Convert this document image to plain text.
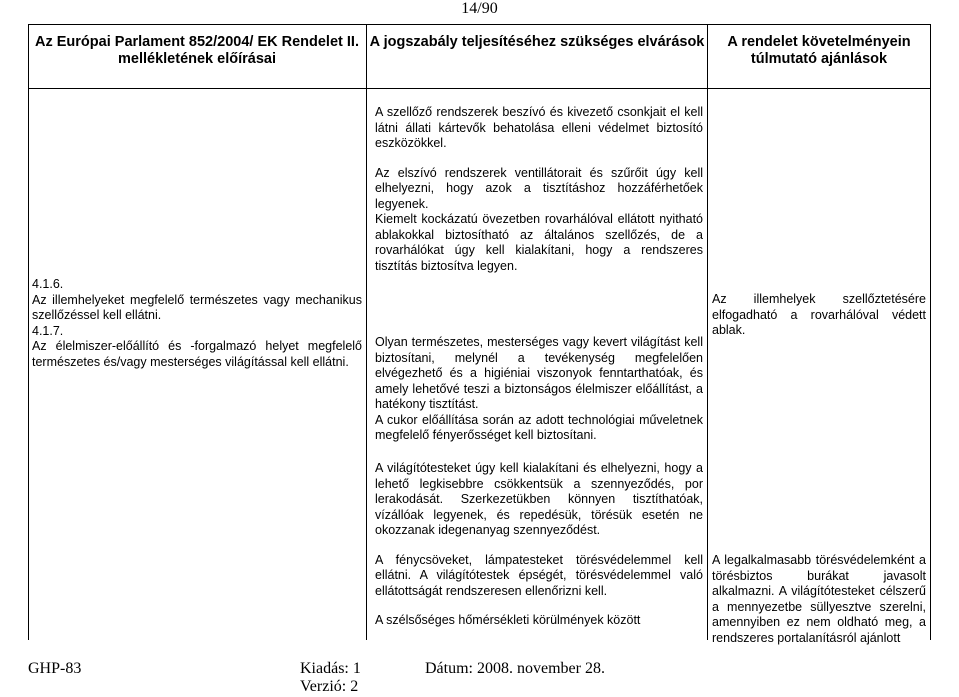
14/90
Az Európai Parlament 852/2004/ EK Rendelet II. mellékletének előírásai
A jogszabály teljesítéséhez szükséges elvárások	A rendelet követelményein túlmutató ajánlások

4.1.6.

Az illemhelyeket megfelelő természetes vagy mechanikus szellőzéssel kell ellátni.

4.1.7.

Az élelmiszer-előállító és -forgalmazó helyet megfelelő természetes és/vagy mesterséges világítással kell ellátni.

A szellőző rendszerek beszívó és kivezető csonkjait el kell látni állati kártevők behatolása elleni védelmet biztosító eszközökkel.

Az elszívó rendszerek ventillátorait és szűrőit úgy kell elhelyezni, hogy azok a tisztításhoz hozzáférhetőek legyenek.

Kiemelt kockázatú övezetben rovarhálóval ellátott nyitható ablakokkal biztosítható az általános szellőzés, de a rovarhálókat úgy kell kialakítani, hogy a rendszeres tisztítás biztosítva legyen.

Olyan természetes, mesterséges vagy kevert világítást kell biztosítani, melynél a tevékenység megfelelően elvégezhető és a higiéniai viszonyok fenntarthatóak, és amely lehetővé teszi a biztonságos élelmiszer előállítást, a hatékony tisztítást.

A cukor előállítása során az adott technológiai műveletnek megfelelő fényerősséget kell biztosítani.

A világítótesteket úgy kell kialakítani és elhelyezni, hogy a lehető legkisebbre csökkentsük a szennyeződés, por lerakodását. Szerkezetükben könnyen tisztíthatóak, vízállóak legyenek, és repedésük, törésük esetén ne okozzanak idegenanyag szennyeződést.

A fénycsöveket, lámpatesteket törésvédelemmel kell ellátni. A világítótestek épségét, törésvédelemmel való ellátottságát rendszeresen ellenőrizni kell.

A szélsőséges hőmérsékleti körülmények között

Az illemhelyek szellőztetésére elfogadható a rovarhálóval védett ablak.

A legalkalmasabb törésvédelemként a törésbiztos burákat javasolt alkalmazni. A világítótesteket célszerű a mennyezetbe süllyesztve szerelni, amennyiben ez nem oldható meg, a rendszeres portalanításról ajánlott

GHP-83	Kiadás: 1
Verzió: 2
Dátum: 2008. november 28.
